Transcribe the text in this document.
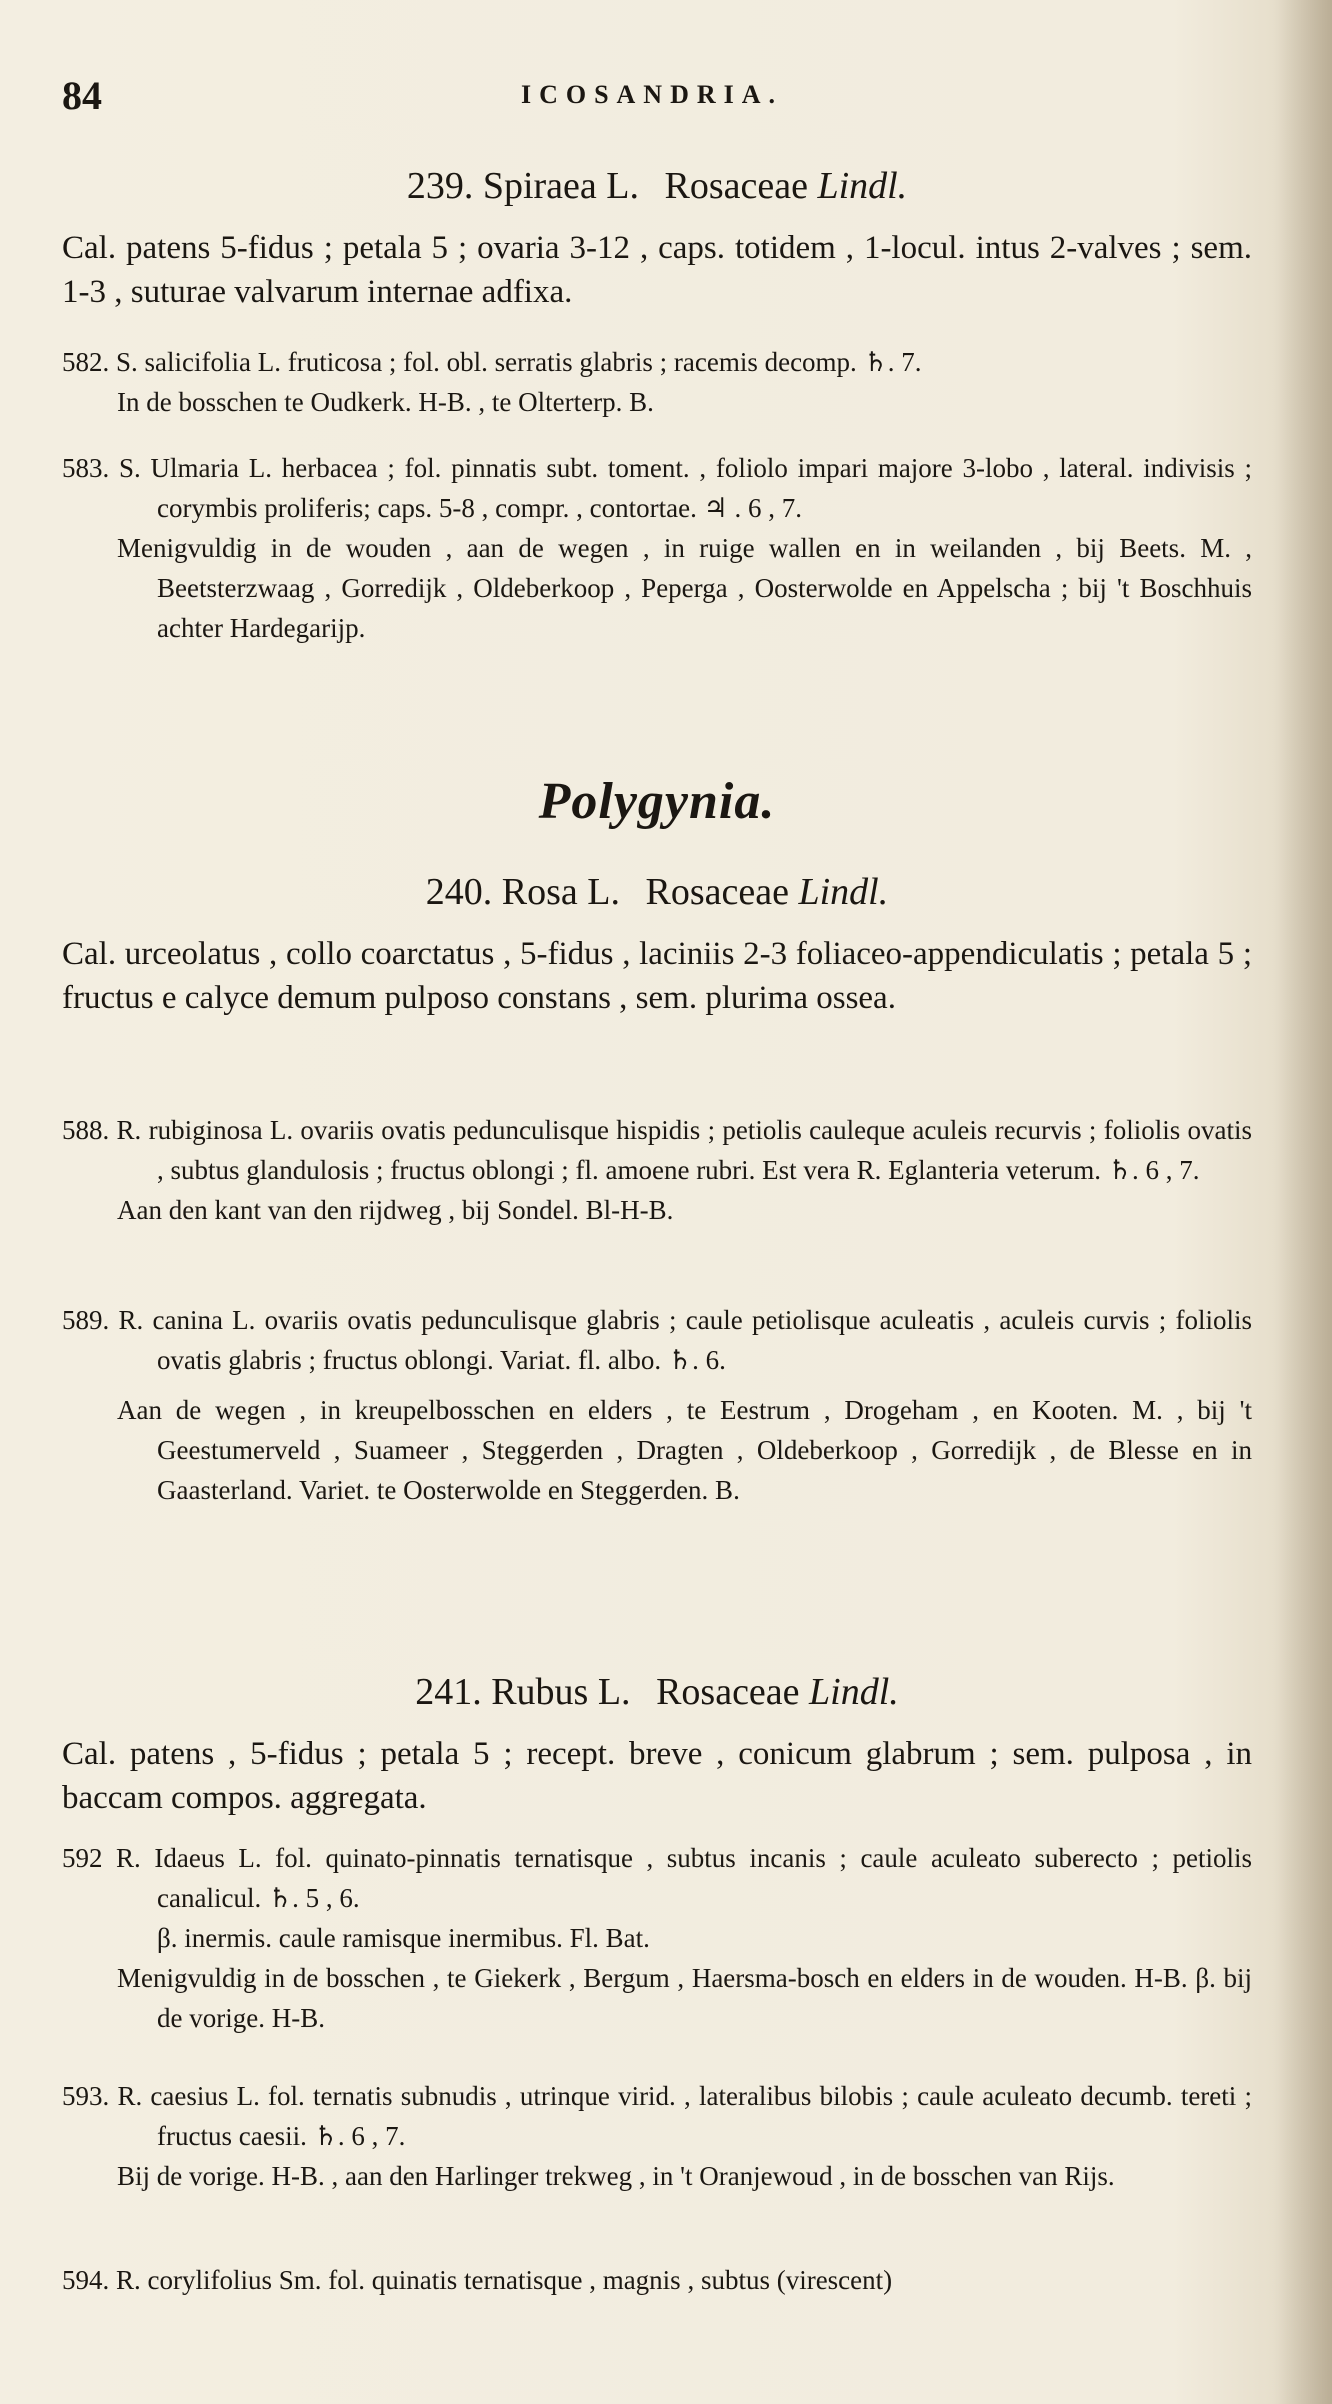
84	ICOSANDRIA.
239. Spiraea L. Rosaceae Lindl.
Cal. patens 5-fidus ; petala 5 ; ovaria 3-12 , caps. totidem , 1-locul. intus 2-valves ; sem. 1-3 , suturae valvarum internae adfixa.
582. S. salicifolia L. fruticosa ; fol. obl. serratis glabris ; racemis decomp. ♄. 7.
In de bosschen te Oudkerk. H-B. , te Olterterp. B.
583. S. Ulmaria L. herbacea ; fol. pinnatis subt. toment. , foliolo impari majore 3-lobo , lateral. indivisis ; corymbis proliferis; caps. 5-8 , compr. , contortae. ♃ . 6 , 7.
Menigvuldig in de wouden , aan de wegen , in ruige wallen en in weilanden , bij Beets. M. , Beetsterzwaag , Gorredijk , Oldeberkoop , Peperga , Oosterwolde en Appelscha ; bij 't Boschhuis achter Hardegarijp.
Polygynia.
240. Rosa L. Rosaceae Lindl.
Cal. urceolatus , collo coarctatus , 5-fidus , laciniis 2-3 foliaceo-appendiculatis ; petala 5 ; fructus e calyce demum pulposo constans , sem. plurima ossea.
588. R. rubiginosa L. ovariis ovatis pedunculisque hispidis ; petiolis cauleque aculeis recurvis ; foliolis ovatis , subtus glandulosis ; fructus oblongi ; fl. amoene rubri. Est vera R. Eglanteria veterum. ♄. 6 , 7.
Aan den kant van den rijdweg , bij Sondel. Bl-H-B.
589. R. canina L. ovariis ovatis pedunculisque glabris ; caule petiolisque aculeatis , aculeis curvis ; foliolis ovatis glabris ; fructus oblongi. Variat. fl. albo. ♄. 6.
Aan de wegen , in kreupelbosschen en elders , te Eestrum , Drogeham , en Kooten. M. , bij 't Geestumerveld , Suameer , Steggerden , Dragten , Oldeberkoop , Gorredijk , de Blesse en in Gaasterland. Variet. te Oosterwolde en Steggerden. B.
241. Rubus L. Rosaceae Lindl.
Cal. patens , 5-fidus ; petala 5 ; recept. breve , conicum glabrum ; sem. pulposa , in baccam compos. aggregata.
592 R. Idaeus L. fol. quinato-pinnatis ternatisque , subtus incanis ; caule aculeato suberecto ; petiolis canalicul. ♄. 5 , 6.
β. inermis. caule ramisque inermibus. Fl. Bat.
Menigvuldig in de bosschen , te Giekerk , Bergum , Haersma-bosch en elders in de wouden. H-B. β. bij de vorige. H-B.
593. R. caesius L. fol. ternatis subnudis , utrinque virid. , lateralibus bilobis ; caule aculeato decumb. tereti ; fructus caesii. ♄. 6 , 7.
Bij de vorige. H-B. , aan den Harlinger trekweg , in 't Oranjewoud , in de bosschen van Rijs.
594. R. corylifolius Sm. fol. quinatis ternatisque , magnis , subtus (virescent)
